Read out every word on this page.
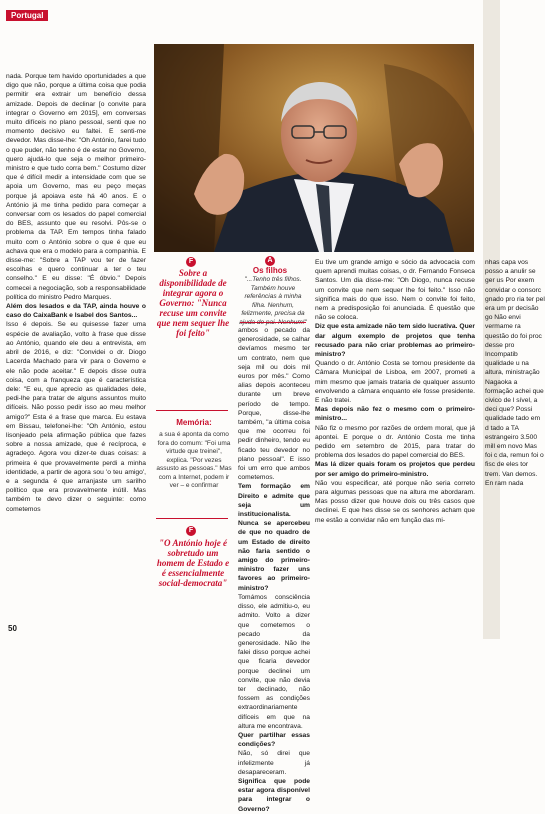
Portugal

nada. Porque tem havido oportunidades a que digo que não, porque a última coisa que podia permitir era extrair um benefício dessa amizade. Depois de declinar [o convite para integrar o Governo em 2015], em conversas muito difíceis no plano pessoal, senti que no momento decisivo eu faltei. E senti-me devedor. Mas disse-lhe: "Oh António, farei tudo o que puder, não tenho é de estar no Governo, quero ajudá-lo que seja o melhor primeiro-ministro e que tudo corra bem." Costumo dizer que é difícil medir a intensidade com que se apoia um Governo, mas eu peço meças porque já apoiava este há 40 anos. E o António já me tinha pedido para começar a conversar com os lesados do papel comercial do BES, assunto que eu resolvi. Pôs-se o problema da TAP. Em tempos tinha falado muito com o António sobre o que é que eu achava que era o modelo para a companhia. E disse-me: "Sobre a TAP vou ter de fazer escolhas e quero continuar a ter o teu conselho." E eu disse: "É óbvio." Depois comecei a negociação, sob a responsabilidade política do ministro Pedro Marques.

Além dos lesados e da TAP, ainda houve o caso do CaixaBank e Isabel dos Santos...

Isso é depois. Se eu quisesse fazer uma espécie de avaliação, volto à frase que disse ao António, quando ele deu a entrevista, em abril de 2016, e diz: "Convidei o dr. Diogo Lacerda Machado para vir para o Governo e ele não pode aceitar." E depois disse outra coisa, com a franqueza que é característica dele: "E eu, que aprecio as qualidades dele, pedi-lhe para tratar de alguns assuntos muito difíceis. Não posso pedir isso ao meu melhor amigo?" Esta é a frase que marca. Eu estava em Bissau, telefonei-lhe: "Oh António, estou lisonjeado pela afirmação pública que fazes sobre a nossa amizade, que é recíproca, e agradeço. Agora vou dizer-te duas coisas: a primeira é que provavelmente perdi a minha identidade, a partir de agora sou 'o teu amigo', e a segunda é que arranjaste um sarilho político que era provavelmente inútil. Mas também te devo dizer o seguinte: como cometemos

F
Sobre a disponibilidade de integrar agora o Governo: "Nunca recuse um convite que nem sequer lhe foi feito"
Memória:
a sua é aponta da como fora do comum: "Foi uma virtude que treinei", explica. "Por vezes assusto as pessoas." Mas com a Internet, podem ir ver – e confirmar
F
"O António hoje é sobretudo um homem de Estado e é essencialmente social-democrata"
A
Os filhos
"...Tenho três filhos. Também houve referências à minha filha. Nenhum, felizmente, precisa da

ambos o pecado da generosidade, se calhar devíamos mesmo ter um contrato, nem que seja mil ou dois mil euros por mês." Como alias depois aconteceu durante um breve período de tempo. Porque, disse-lhe também, "a última coisa que me ocorreu foi pedir dinheiro, tendo eu ficado teu devedor no plano pessoal". E isso foi um erro que ambos cometemos.

Tem formação em Direito e admite que seja um institucionalista. Nunca se apercebeu de que no quadro de um Estado de direito não faria sentido o amigo do primeiro-ministro fazer uns favores ao primeiro-ministro?

Tomámos consciência disso, ele admitiu-o, eu admito. Volto a dizer que cometemos o pecado da generosidade. Não lhe falei disso porque achei que ficaria devedor porque declinei um convite, que não devia ter declinado, não fossem as condições extraordinariamente difíceis em que na altura me encontrava.

Quer partilhar essas condições?

Não, só direi que infelizmente já desapareceram.

Significa que pode estar agora disponível para integrar o Governo?

Eu tive um grande amigo e sócio da advocacia com quem aprendi muitas coisas, o dr. Fernando Fonseca Santos. Um dia disse-me: "Oh Diogo, nunca recuse um convite que nem sequer lhe foi feito." Isso não significa mais do que isso. Nem o convite foi feito, nem a predisposição foi anunciada. É questão que não se coloca.

Diz que esta amizade não tem sido lucrativa. Quer dar algum exemplo de projetos que tenha recusado para não criar problemas ao primeiro-ministro?

Quando o dr. António Costa se tornou presidente da Câmara Municipal de Lisboa, em 2007, prometi a mim mesmo que jamais trataria de qualquer assunto envolvendo a câmara enquanto ele fosse presidente. E não tratei.

Mas depois não fez o mesmo com o primeiro-ministro...

Não fiz o mesmo por razões de ordem moral, que já apontei. E porque o dr. António Costa me tinha pedido em setembro de 2015, para tratar do problema dos lesados do papel comercial do BES.

Mas lá dizer quais foram os projetos que perdeu por ser amigo do primeiro-ministro.

Não vou especificar, até porque não seria correto para algumas pessoas que na altura me abordaram. Mas posso dizer que houve dois ou três casos que declinei. E que hes disse se os senhores acham que me estão a convidar não em função das mi-

nhas capa vos posso a anulir se ger us Por exem convidar o consorc gnado pro ria ter pel era um pr decisão go Não envi vermame ra questão do foi proc desse pro Incompatib qualidade u na altura, ministração Nagaoka a formação achei que civico de l sível, a deci que? Possi qualidade tado em d tado a TA estrangeiro 3.500 mill em novo Mas foi c da, remun foi o fisc de eles tor trem. Van demos. En ram nada
50
